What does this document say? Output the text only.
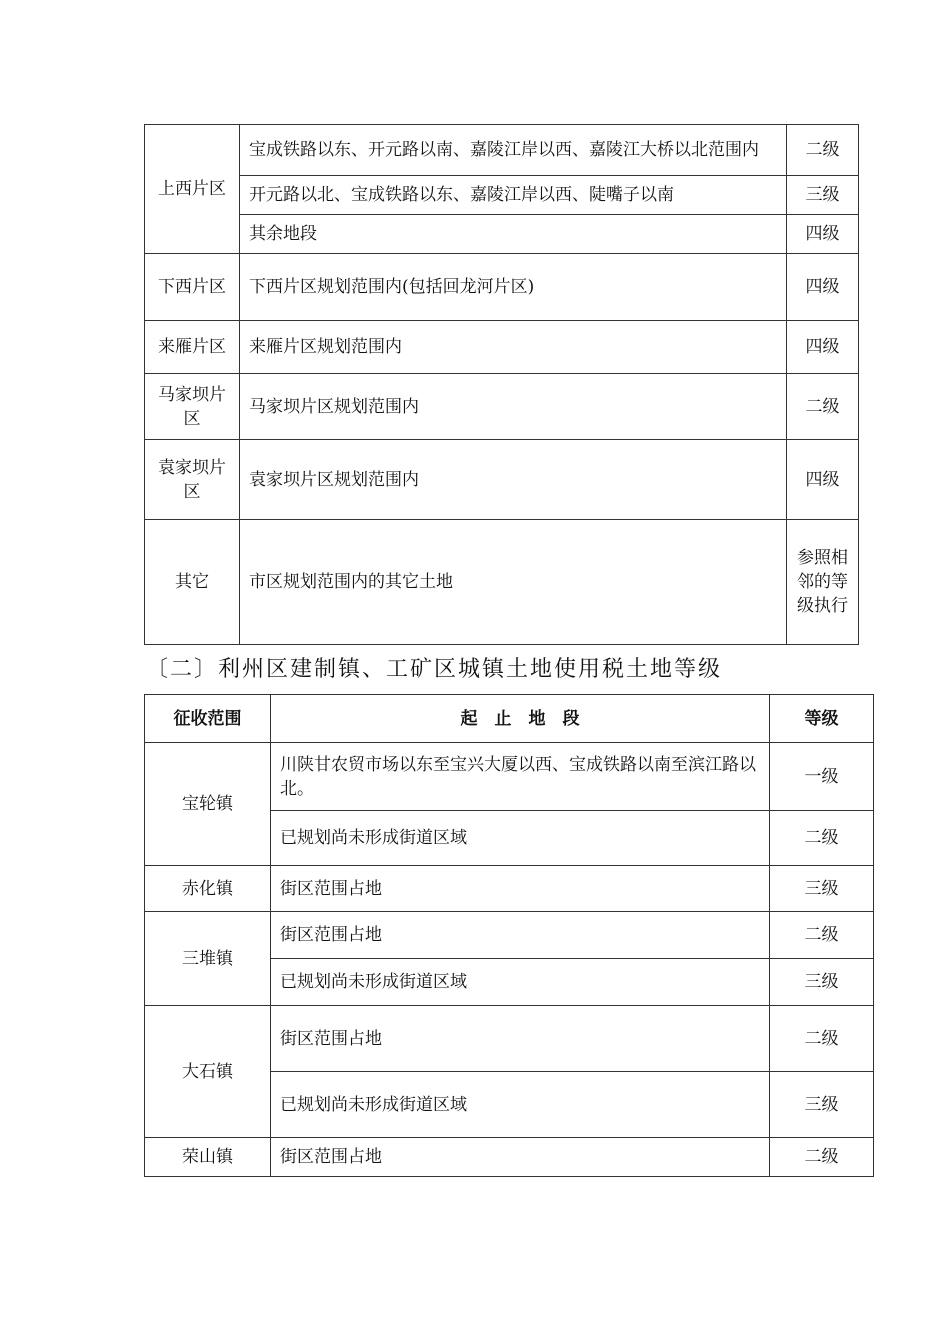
上西片区	宝成铁路以东、开元路以南、嘉陵江岸以西、嘉陵江大桥以北范围内	二级
	开元路以北、宝成铁路以东、嘉陵江岸以西、陡嘴子以南	三级
	其余地段	四级
下西片区	下西片区规划范围内(包括回龙河片区)	四级
来雁片区	来雁片区规划范围内	四级
马家坝片区	马家坝片区规划范围内	二级
袁家坝片区	袁家坝片区规划范围内	四级
其它	市区规划范围内的其它土地	参照相邻的等级执行
〔二〕利州区建制镇、工矿区城镇土地使用税土地等级
征收范围	起　止　地　段	等级
宝轮镇	川陕甘农贸市场以东至宝兴大厦以西、宝成铁路以南至滨江路以北。	一级
	已规划尚未形成街道区域	二级
赤化镇	街区范围占地	三级
三堆镇	街区范围占地	二级
	已规划尚未形成街道区域	三级
大石镇	街区范围占地	二级
	已规划尚未形成街道区域	三级
荣山镇	街区范围占地	二级
